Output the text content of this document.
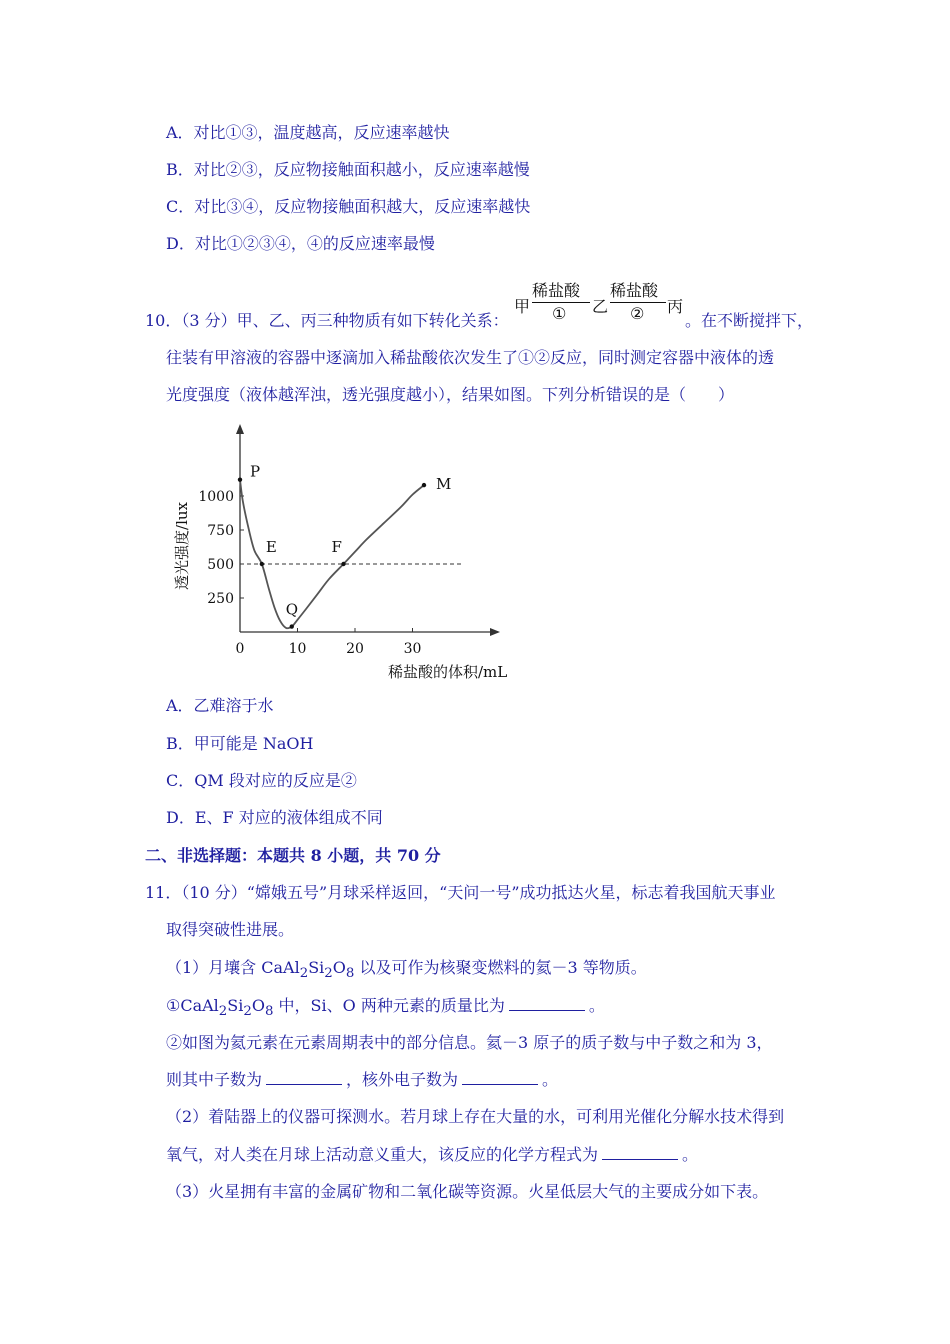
A．对比①③，温度越高，反应速率越快
B．对比②③，反应物接触面积越小，反应速率越慢
C．对比③④，反应物接触面积越大，反应速率越快
D．对比①②③④，④的反应速率最慢
10．（3 分）甲、乙、丙三种物质有如下转化关系：
甲
稀盐酸
① 乙
稀盐酸
② 丙
。在不断搅拌下，
往装有甲溶液的容器中逐滴加入稀盐酸依次发生了①②反应，同时测定容器中液体的透
光度强度（液体越浑浊，透光强度越小），结果如图。下列分析错误的是（　　）
0	10	20	30
250
500
750
1000
P
E
Q
F
M
稀盐酸的体积/mL
透光强度/lux
A．乙难溶于水
B．甲可能是 NaOH
C．QM 段对应的反应是②
D．E、F 对应的液体组成不同
二、非选择题：本题共 8 小题，共 70 分
11．（10 分）“嫦娥五号”月球采样返回，“天问一号”成功抵达火星，标志着我国航天事业
取得突破性进展。
（1）月壤含 $CaAl_2Si_2O_8$ 以及可作为核聚变燃料的氦－3 等物质。
$①CaAl_2Si_2O_8$ 中，Si、O 两种元素的质量比为	。
②如图为氦元素在元素周期表中的部分信息。氦－3 原子的质子数与中子数之和为 3，
则其中子数为	，核外电子数为	。
（2）着陆器上的仪器可探测水。若月球上存在大量的水，可利用光催化分解水技术得到
氧气，对人类在月球上活动意义重大，该反应的化学方程式为	。
（3）火星拥有丰富的金属矿物和二氧化碳等资源。火星低层大气的主要成分如下表。
